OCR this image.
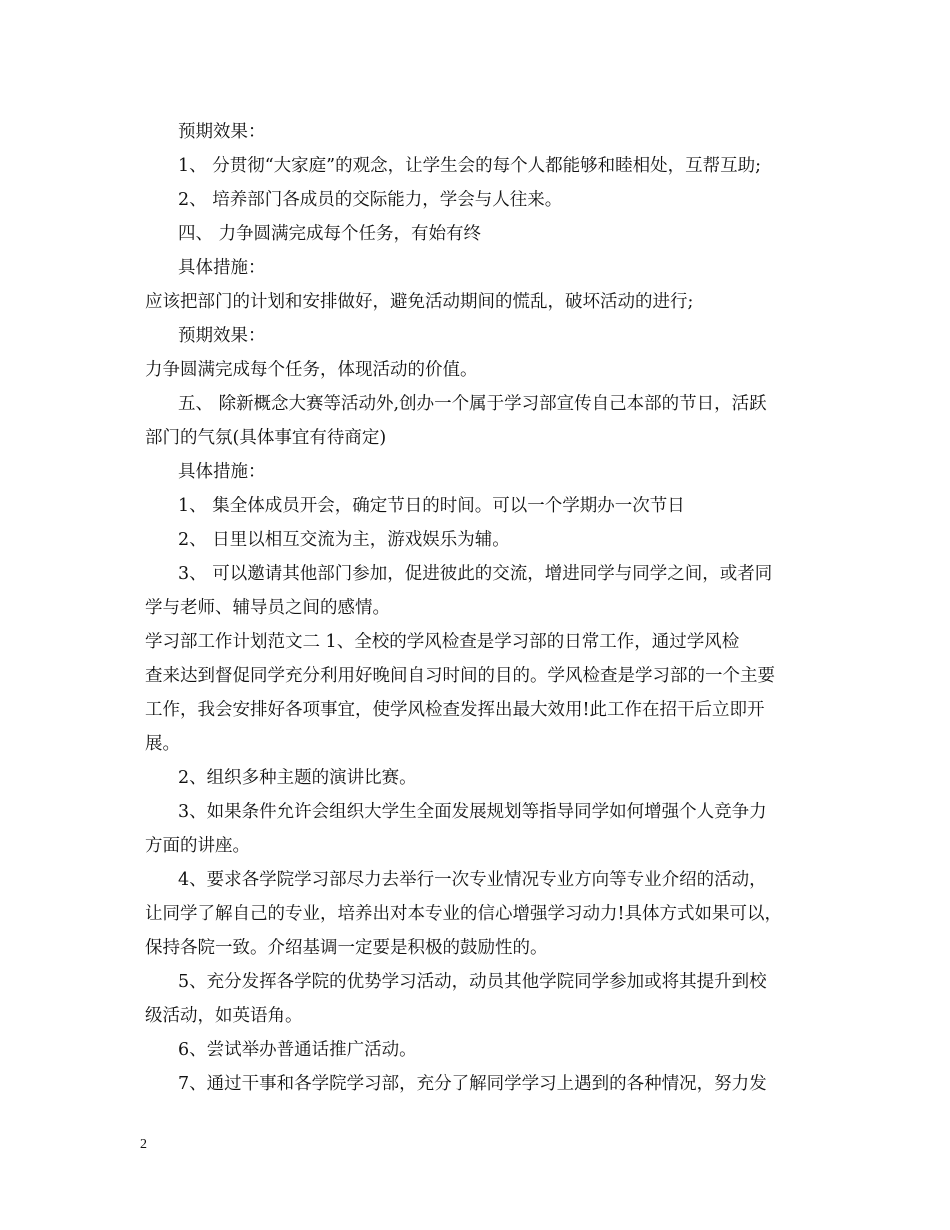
预期效果：
1、 分贯彻“大家庭”的观念，让学生会的每个人都能够和睦相处，互帮互助;
2、 培养部门各成员的交际能力，学会与人往来。
四、 力争圆满完成每个任务，有始有终
具体措施：
应该把部门的计划和安排做好，避免活动期间的慌乱，破坏活动的进行;
预期效果：
力争圆满完成每个任务，体现活动的价值。
五、 除新概念大赛等活动外,创办一个属于学习部宣传自己本部的节日，活跃
部门的气氛(具体事宜有待商定)
具体措施：
1、 集全体成员开会，确定节日的时间。可以一个学期办一次节日
2、 日里以相互交流为主，游戏娱乐为辅。
3、 可以邀请其他部门参加，促进彼此的交流，增进同学与同学之间，或者同
学与老师、辅导员之间的感情。
学习部工作计划范文二 1、全校的学风检查是学习部的日常工作，通过学风检
查来达到督促同学充分利用好晚间自习时间的目的。学风检查是学习部的一个主要
工作，我会安排好各项事宜，使学风检查发挥出最大效用!此工作在招干后立即开
展。
2、组织多种主题的演讲比赛。
3、如果条件允许会组织大学生全面发展规划等指导同学如何增强个人竞争力
方面的讲座。
4、要求各学院学习部尽力去举行一次专业情况专业方向等专业介绍的活动，
让同学了解自己的专业，培养出对本专业的信心增强学习动力!具体方式如果可以，
保持各院一致。介绍基调一定要是积极的鼓励性的。
5、充分发挥各学院的优势学习活动，动员其他学院同学参加或将其提升到校
级活动，如英语角。
6、尝试举办普通话推广活动。
7、通过干事和各学院学习部，充分了解同学学习上遇到的各种情况，努力发
2
